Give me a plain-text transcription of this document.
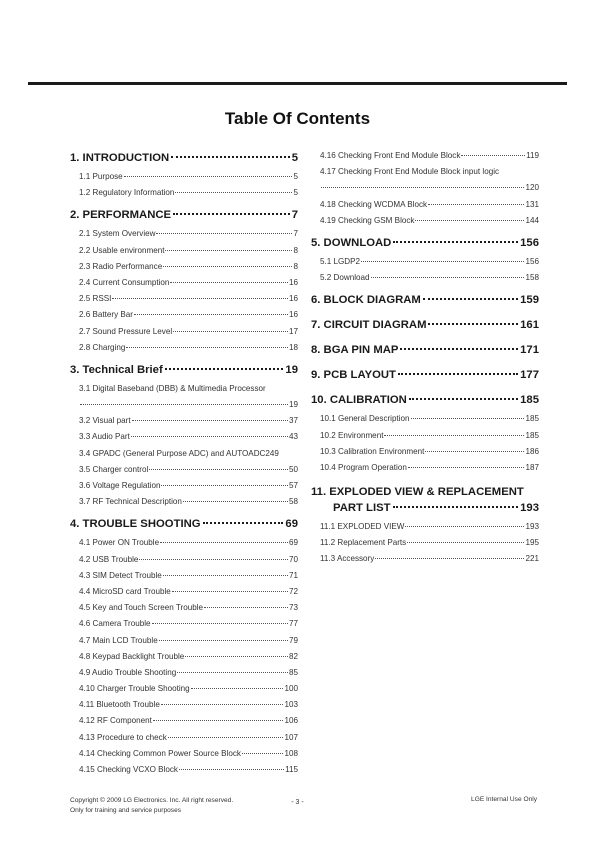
Table Of Contents
1. INTRODUCTION	5
1.1 Purpose	5
1.2 Regulatory Information	5
2. PERFORMANCE	7
2.1 System Overview	7
2.2 Usable environment	8
2.3 Radio Performance	8
2.4 Current Consumption	16
2.5 RSSI	16
2.6 Battery Bar	16
2.7 Sound Pressure Level	17
2.8 Charging	18
3. Technical Brief	19
3.1 Digital Baseband (DBB) & Multimedia Processor
19
3.2 Visual part	37
3.3 Audio Part	43
3.4 GPADC (General Purpose ADC) and AUTOADC2 49
3.5 Charger control	50
3.6 Voltage Regulation	57
3.7 RF Technical Description	58
4. TROUBLE SHOOTING	69
4.1 Power ON Trouble	69
4.2 USB Trouble	70
4.3 SIM Detect Trouble	71
4.4 MicroSD card Trouble	72
4.5 Key and Touch Screen Trouble	73
4.6 Camera Trouble	77
4.7 Main LCD Trouble	79
4.8 Keypad Backlight Trouble	82
4.9 Audio Trouble Shooting	85
4.10 Charger Trouble Shooting	100
4.11 Bluetooth Trouble	103
4.12 RF Component	106
4.13 Procedure to check	107
4.14 Checking Common Power Source Block	108
4.15 Checking VCXO Block	115
4.16 Checking Front End Module Block	119
4.17 Checking Front End Module Block input logic
120
4.18 Checking WCDMA Block	131
4.19 Checking GSM Block	144
5. DOWNLOAD	156
5.1 LGDP2	156
5.2 Download	158
6. BLOCK DIAGRAM	159
7. CIRCUIT DIAGRAM	161
8. BGA PIN MAP	171
9. PCB LAYOUT	177
10. CALIBRATION	185
10.1 General Description	185
10.2 Environment	185
10.3 Calibration Environment	186
10.4 Program Operation	187
11. EXPLODED VIEW & REPLACEMENT
PART LIST	193
11.1 EXPLODED VIEW	193
11.2 Replacement Parts	195
11.3 Accessory	221
Copyright © 2009 LG Electronics. Inc. All right reserved.
Only for training and service purposes
- 3 -	LGE Internal Use Only
